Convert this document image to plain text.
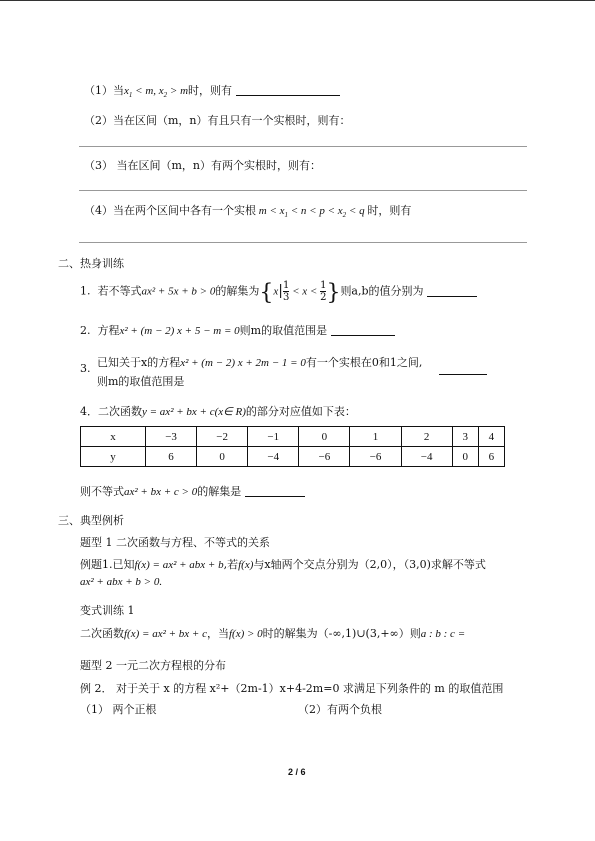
（1）当$x_1 < m$, $x_2 > m$时，则有
（2）当在区间（m，n）有且只有一个实根时，则有：
（3） 当在区间（m，n）有两个实根时，则有：
（4）当在两个区间中各有一个实根 $m < x_1 < n < p < x_2 < q$ 时，则有
二、热身训练
1. 若不等式ax² + 5x + b > 0的解集为{$x|\frac{1}{3} < x < \frac{1}{2}$ }则a,b的值分别为
2. 方程x² + (m − 2) x + 5 − m = 0则m的取值范围是
3. 已知关于x的方程x² + (m − 2) x + 2m − 1 = 0有一个实根在0和1之间,
则m的取值范围是
4．二次函数y = ax² + bx + c(x∈ R)的部分对应值如下表：
x	−3	−2	−1	0	1	2	3	4
y	6	0	−4	−6	−6	−4	0	6
则不等式ax² + bx + c > 0的解集是
三、典型例析
题型 1 二次函数与方程、不等式的关系
例题1.已知f(x) = ax² + abx + b,若f(x)与x轴两个交点分别为（2,0），（3,0)求解不等式
ax² + abx + b > 0.
变式训练 1
二次函数f(x) = ax² + bx + c，当f(x) > 0时的解集为（-∞,1)∪(3,+∞）则a : b : c =
题型 2 一元二次方程根的分布
例 2． 对于关于 x 的方程 x²+（2m-1）x+4-2m=0 求满足下列条件的 m 的取值范围
（1） 两个正根	（2）有两个负根
2 / 6
